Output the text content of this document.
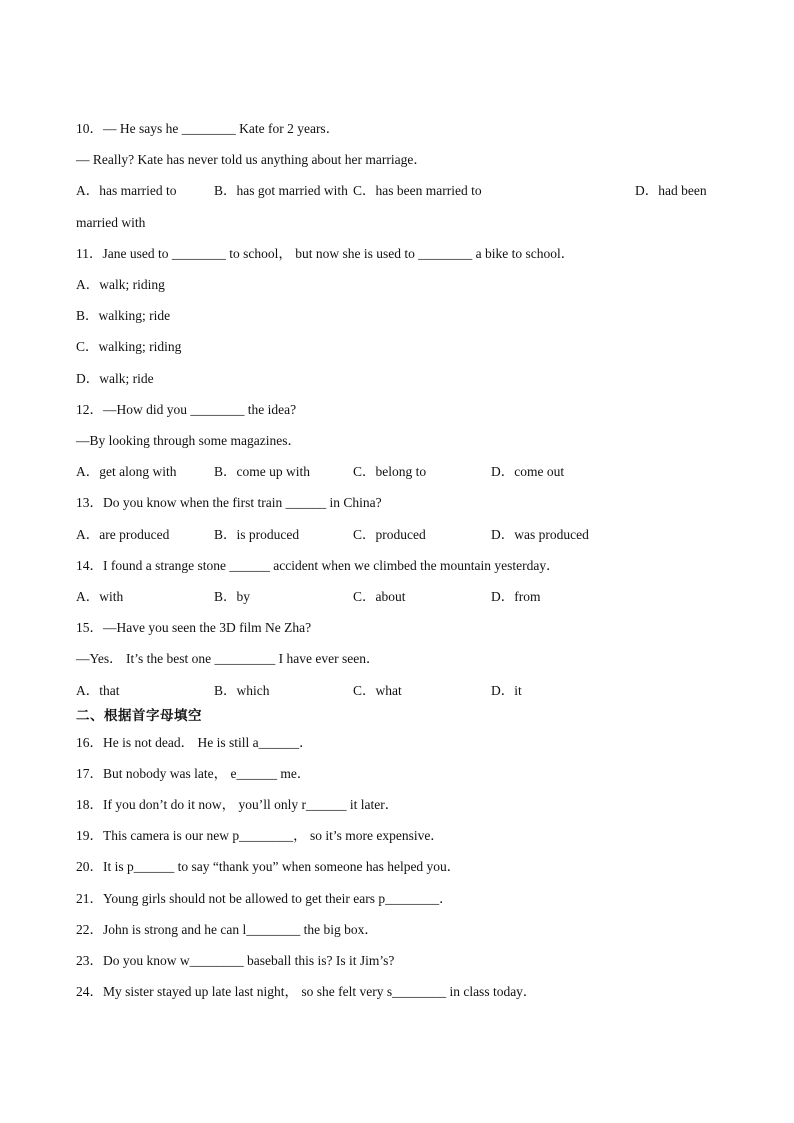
10．— He says he ________ Kate for 2 years．
— Really? Kate has never told us anything about her marriage．
A．has married to	B．has got married with C．has been married to	D．had been
married with
11．Jane used to ________ to school， but now she is used to ________ a bike to school．
A．walk; riding
B．walking; ride
C．walking; riding
D．walk; ride
12．—How did you ________ the idea?
—By looking through some magazines．
A．get along with	B．come up with	C．belong to	D．come out
13．Do you know when the first train ______ in China?
A．are produced	B．is produced	C．produced	D．was produced
14．I found a strange stone ______ accident when we climbed the mountain yesterday．
A．with	B．by	C．about	D．from
15．—Have you seen the 3D film Ne Zha?
—Yes． It’s the best one _________ I have ever seen．
A．that	B．which	C．what	D．it
二、根据首字母填空
16．He is not dead． He is still a______．
17．But nobody was late， e______ me．
18．If you don’t do it now， you’ll only r______ it later．
19．This camera is our new p________， so it’s more expensive．
20．It is p______ to say “thank you” when someone has helped you．
21．Young girls should not be allowed to get their ears p________．
22．John is strong and he can l________ the big box．
23．Do you know w________ baseball this is? Is it Jim’s?
24．My sister stayed up late last night， so she felt very s________ in class today．
